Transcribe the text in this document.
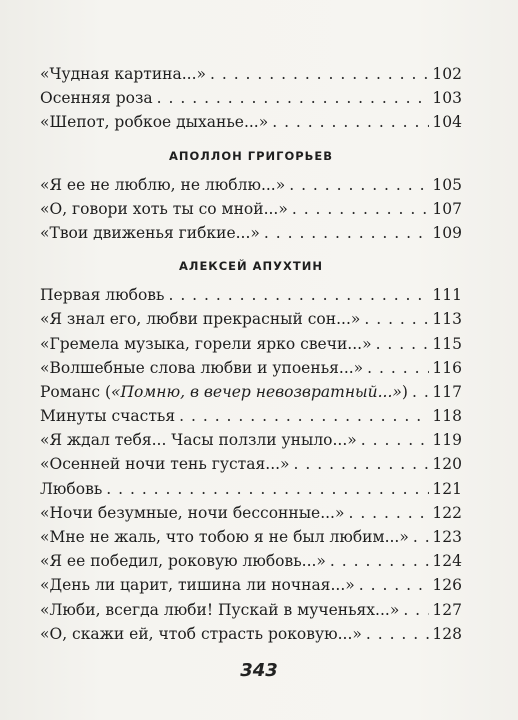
«Чудная картина...» . . .	102
Осенняя роза . . .	103
«Шепот, робкое дыханье...» . . .	104
АПОЛЛОН ГРИГОРЬЕВ
«Я ее не люблю, не люблю...» . . .	105
«О, говори хоть ты со мной...» . . .	107
«Твои движенья гибкие...» . . .	109
АЛЕКСЕЙ АПУХТИН
Первая любовь . . .	111
«Я знал его, любви прекрасный сон...» . . .	113
«Гремела музыка, горели ярко свечи...» . . .	115
«Волшебные слова любви и упоенья...» . . .	116
Романс («Помню, в вечер невозвратный...») . . . 117
Минуты счастья . . .	118
«Я ждал тебя... Часы ползли уныло...» . . .	119
«Осенней ночи тень густая...» . . .	120
Любовь . . .	121
«Ночи безумные, ночи бессонные...» . . .	122
«Мне не жаль, что тобою я не был любим...» . . . 123
«Я ее победил, роковую любовь...» . . .	124
«День ли царит, тишина ли ночная...» . . .	126
«Люби, всегда люби! Пускай в мученьях...» . . . 127
«О, скажи ей, чтоб страсть роковую...» . . .	128
343
